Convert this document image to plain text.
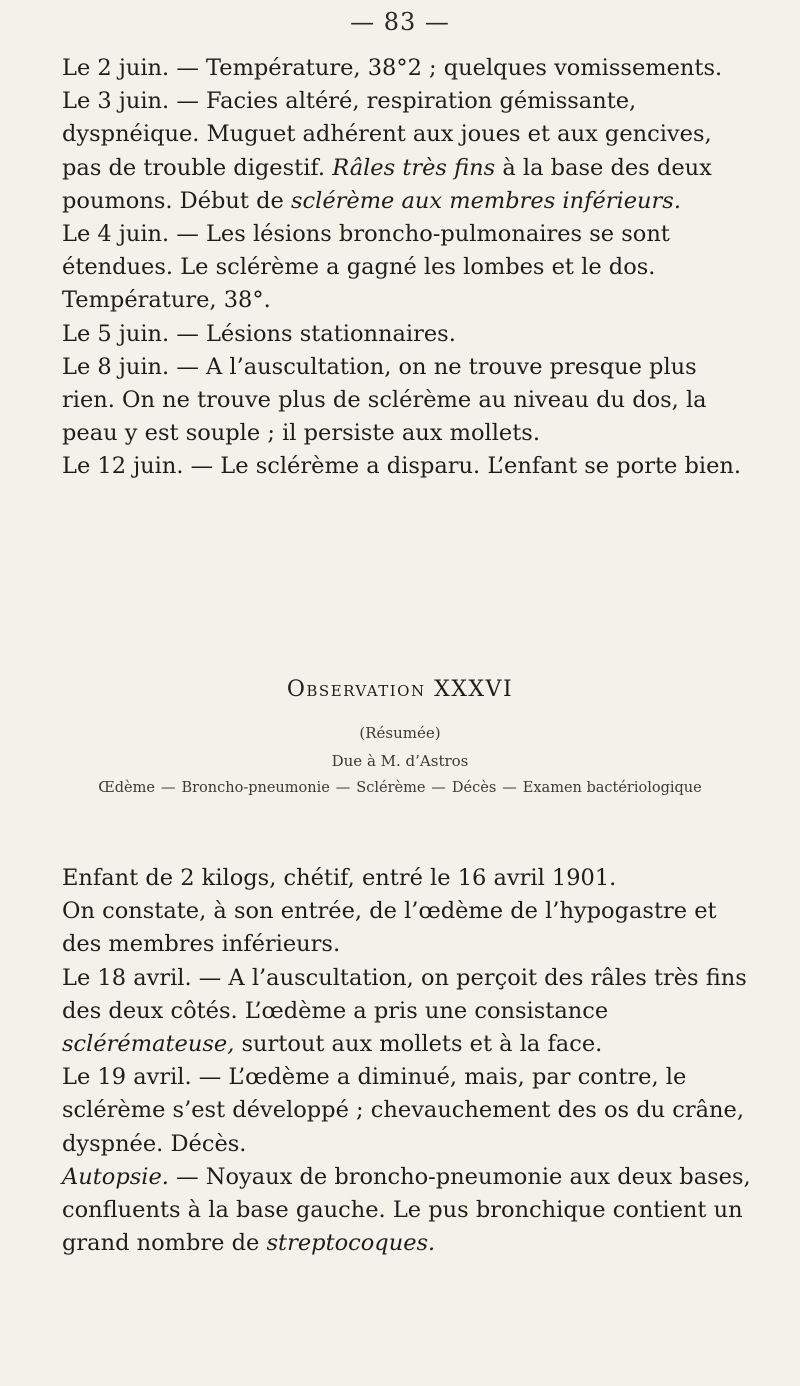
— 83 —

Le 2 juin. — Température, 38°2 ; quelques vomissements.

Le 3 juin. — Facies altéré, respiration gémissante, dyspnéique. Muguet adhérent aux joues et aux gencives, pas de trouble digestif. Râles très fins à la base des deux poumons. Début de sclérème aux membres inférieurs.

Le 4 juin. — Les lésions broncho-pulmonaires se sont étendues. Le sclérème a gagné les lombes et le dos. Température, 38°.

Le 5 juin. — Lésions stationnaires.

Le 8 juin. — A l’auscultation, on ne trouve presque plus rien. On ne trouve plus de sclérème au niveau du dos, la peau y est souple ; il persiste aux mollets.

Le 12 juin. — Le sclérème a disparu. L’enfant se porte bien.

Observation XXXVI
(Résumée)
Due à M. d’Astros
Œdème — Broncho-pneumonie — Sclérème — Décès — Examen bactériologique

Enfant de 2 kilogs, chétif, entré le 16 avril 1901.

On constate, à son entrée, de l’œdème de l’hypogastre et des membres inférieurs.

Le 18 avril. — A l’auscultation, on perçoit des râles très fins des deux côtés. L’œdème a pris une consistance sclérémateuse, surtout aux mollets et à la face.

Le 19 avril. — L’œdème a diminué, mais, par contre, le sclérème s’est développé ; chevauchement des os du crâne, dyspnée. Décès.

Autopsie. — Noyaux de broncho-pneumonie aux deux bases, confluents à la base gauche. Le pus bronchique contient un grand nombre de streptocoques.
